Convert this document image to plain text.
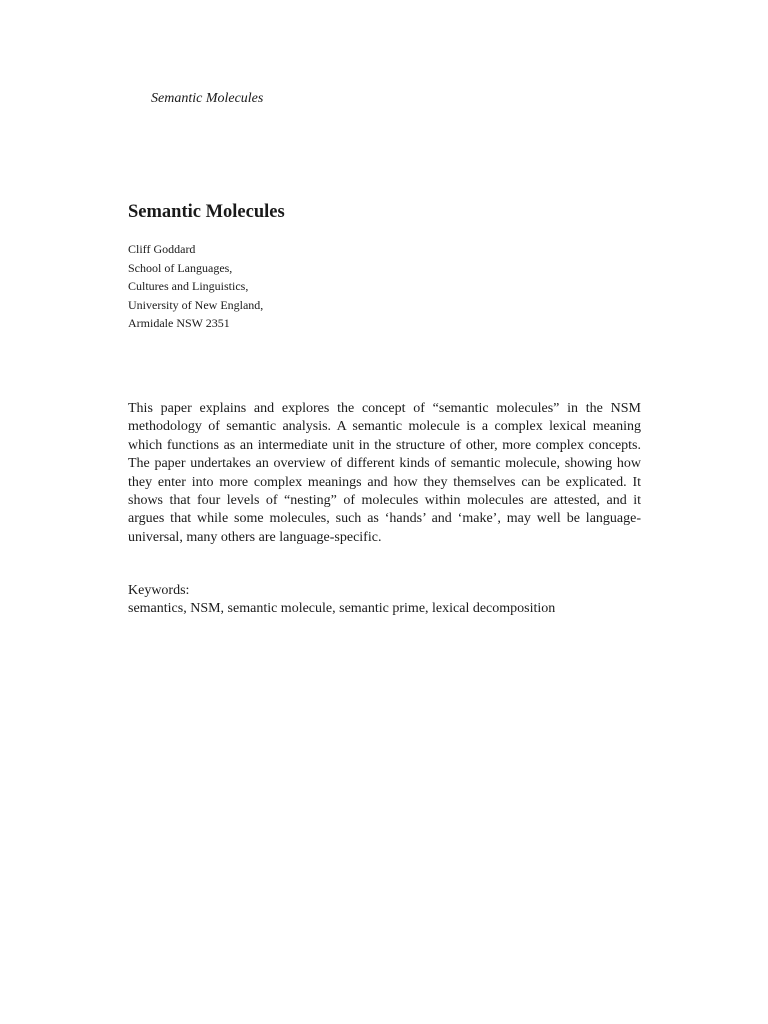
Semantic Molecules
Semantic Molecules
Cliff Goddard
School of Languages,
Cultures and Linguistics,
University of New England,
Armidale NSW 2351

This paper explains and explores the concept of “semantic molecules” in the NSM methodology of semantic analysis. A semantic molecule is a complex lexical meaning which functions as an intermediate unit in the structure of other, more complex concepts. The paper undertakes an overview of different kinds of semantic molecule, showing how they enter into more complex meanings and how they themselves can be explicated. It shows that four levels of “nesting” of molecules within molecules are attested, and it argues that while some molecules, such as ‘hands’ and ‘make’, may well be language-universal, many others are language-specific.

Keywords:
semantics, NSM, semantic molecule, semantic prime, lexical decomposition
